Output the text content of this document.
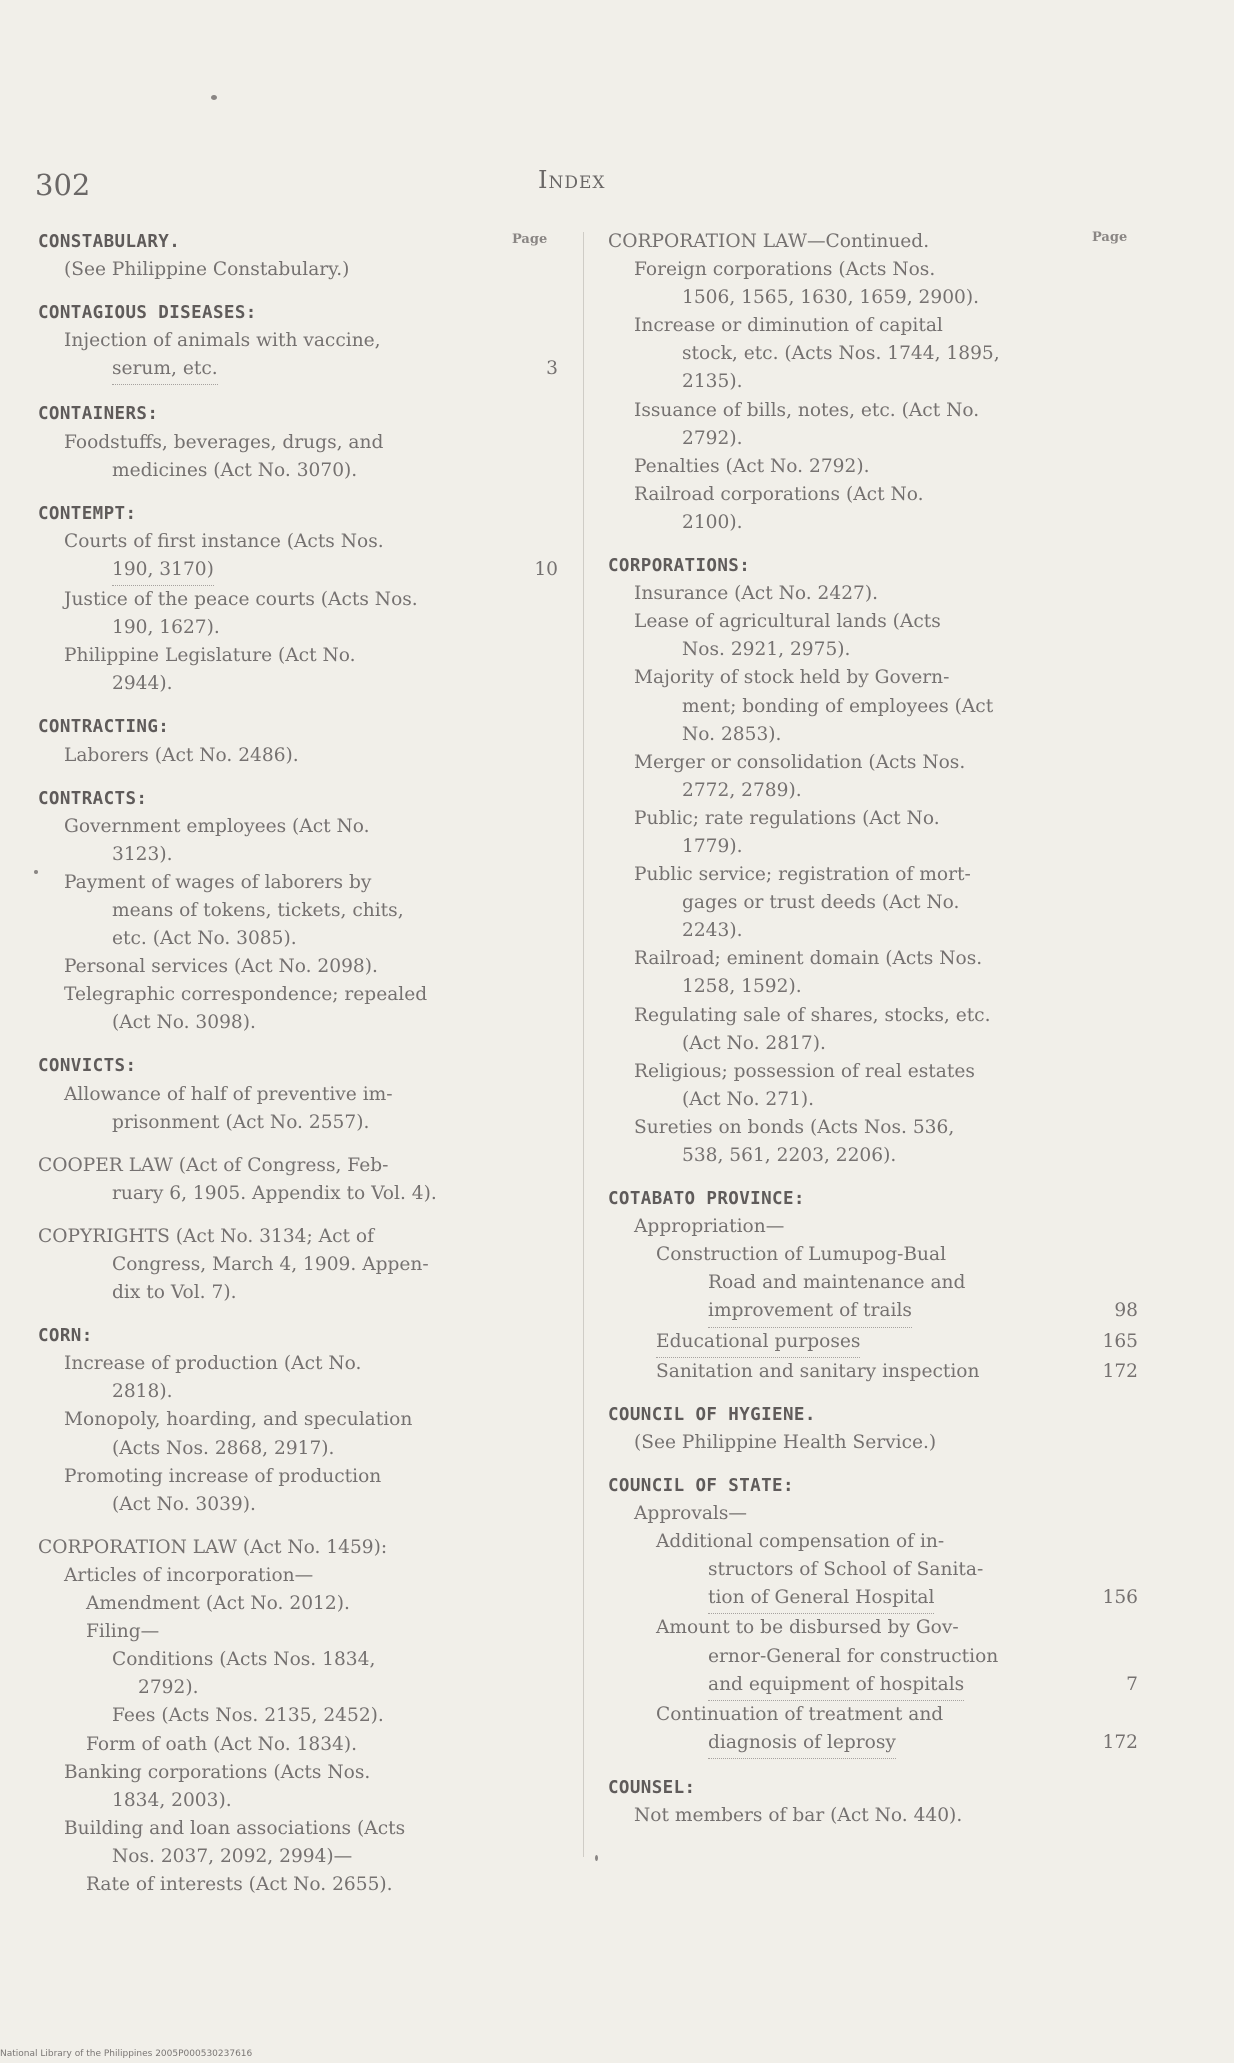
302	Index
Page	Page
CONSTABULARY.
(See Philippine Constabulary.)
CONTAGIOUS DISEASES:
Injection of animals with vaccine,
serum, etc.	3
CONTAINERS:
Foodstuffs, beverages, drugs, and
medicines (Act No. 3070).
CONTEMPT:
Courts of first instance (Acts Nos.
190, 3170)	10
Justice of the peace courts (Acts Nos.
190, 1627).
Philippine Legislature (Act No.
2944).
CONTRACTING:
Laborers (Act No. 2486).
CONTRACTS:
Government employees (Act No.
3123).
Payment of wages of laborers by
means of tokens, tickets, chits,
etc. (Act No. 3085).
Personal services (Act No. 2098).
Telegraphic correspondence; repealed
(Act No. 3098).
CONVICTS:
Allowance of half of preventive im-
prisonment (Act No. 2557).
COOPER LAW (Act of Congress, Feb-
ruary 6, 1905. Appendix to Vol. 4).
COPYRIGHTS (Act No. 3134; Act of
Congress, March 4, 1909. Appen-
dix to Vol. 7).
CORN:
Increase of production (Act No.
2818).
Monopoly, hoarding, and speculation
(Acts Nos. 2868, 2917).
Promoting increase of production
(Act No. 3039).
CORPORATION LAW (Act No. 1459):
Articles of incorporation—
Amendment (Act No. 2012).
Filing—
Conditions (Acts Nos. 1834,
2792).
Fees (Acts Nos. 2135, 2452).
Form of oath (Act No. 1834).
Banking corporations (Acts Nos.
1834, 2003).
Building and loan associations (Acts
Nos. 2037, 2092, 2994)—
Rate of interests (Act No. 2655).
CORPORATION LAW—Continued.
Foreign corporations (Acts Nos.
1506, 1565, 1630, 1659, 2900).
Increase or diminution of capital
stock, etc. (Acts Nos. 1744, 1895,
2135).
Issuance of bills, notes, etc. (Act No.
2792).
Penalties (Act No. 2792).
Railroad corporations (Act No.
2100).
CORPORATIONS:
Insurance (Act No. 2427).
Lease of agricultural lands (Acts
Nos. 2921, 2975).
Majority of stock held by Govern-
ment; bonding of employees (Act
No. 2853).
Merger or consolidation (Acts Nos.
2772, 2789).
Public; rate regulations (Act No.
1779).
Public service; registration of mort-
gages or trust deeds (Act No.
2243).
Railroad; eminent domain (Acts Nos.
1258, 1592).
Regulating sale of shares, stocks, etc.
(Act No. 2817).
Religious; possession of real estates
(Act No. 271).
Sureties on bonds (Acts Nos. 536,
538, 561, 2203, 2206).
COTABATO PROVINCE:
Appropriation—
Construction of Lumupog-Bual
Road and maintenance and
improvement of trails	98
Educational purposes	165
Sanitation and sanitary inspection	172
COUNCIL OF HYGIENE.
(See Philippine Health Service.)
COUNCIL OF STATE:
Approvals—
Additional compensation of in-
structors of School of Sanita-
tion of General Hospital	156
Amount to be disbursed by Gov-
ernor-General for construction
and equipment of hospitals	7
Continuation of treatment and
diagnosis of leprosy	172
COUNSEL:
Not members of bar (Act No. 440).
National Library of the Philippines 2005P000530237616
